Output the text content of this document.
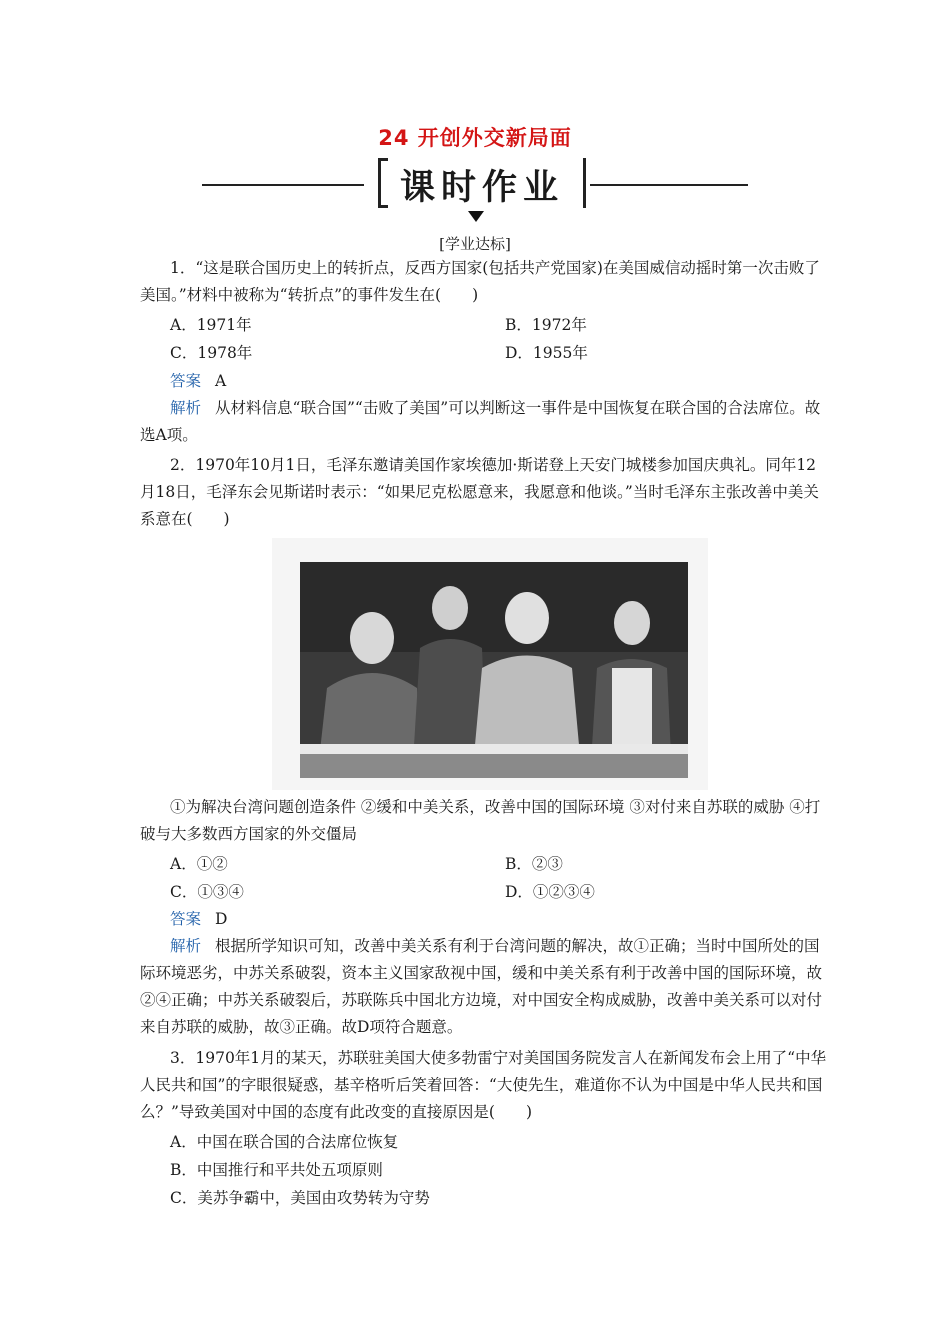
24 开创外交新局面
课时作业
[学业达标]
1．“这是联合国历史上的转折点，反西方国家(包括共产党国家)在美国威信动摇时第一次击败了美国。”材料中被称为“转折点”的事件发生在(　　)
A．1971年	B．1972年
C．1978年	D．1955年
答案 A
解析 从材料信息“联合国”“击败了美国”可以判断这一事件是中国恢复在联合国的合法席位。故选A项。
2．1970年10月1日，毛泽东邀请美国作家埃德加·斯诺登上天安门城楼参加国庆典礼。同年12月18日，毛泽东会见斯诺时表示：“如果尼克松愿意来，我愿意和他谈。”当时毛泽东主张改善中美关系意在(　　)
①为解决台湾问题创造条件 ②缓和中美关系，改善中国的国际环境 ③对付来自苏联的威胁 ④打破与大多数西方国家的外交僵局
A．①②	B．②③
C．①③④	D．①②③④
答案 D
解析 根据所学知识可知，改善中美关系有利于台湾问题的解决，故①正确；当时中国所处的国际环境恶劣，中苏关系破裂，资本主义国家敌视中国，缓和中美关系有利于改善中国的国际环境，故②④正确；中苏关系破裂后，苏联陈兵中国北方边境，对中国安全构成威胁，改善中美关系可以对付来自苏联的威胁，故③正确。故D项符合题意。
3．1970年1月的某天，苏联驻美国大使多勃雷宁对美国国务院发言人在新闻发布会上用了“中华人民共和国”的字眼很疑惑，基辛格听后笑着回答：“大使先生，难道你不认为中国是中华人民共和国么？”导致美国对中国的态度有此改变的直接原因是(　　)
A．中国在联合国的合法席位恢复
B．中国推行和平共处五项原则
C．美苏争霸中，美国由攻势转为守势
